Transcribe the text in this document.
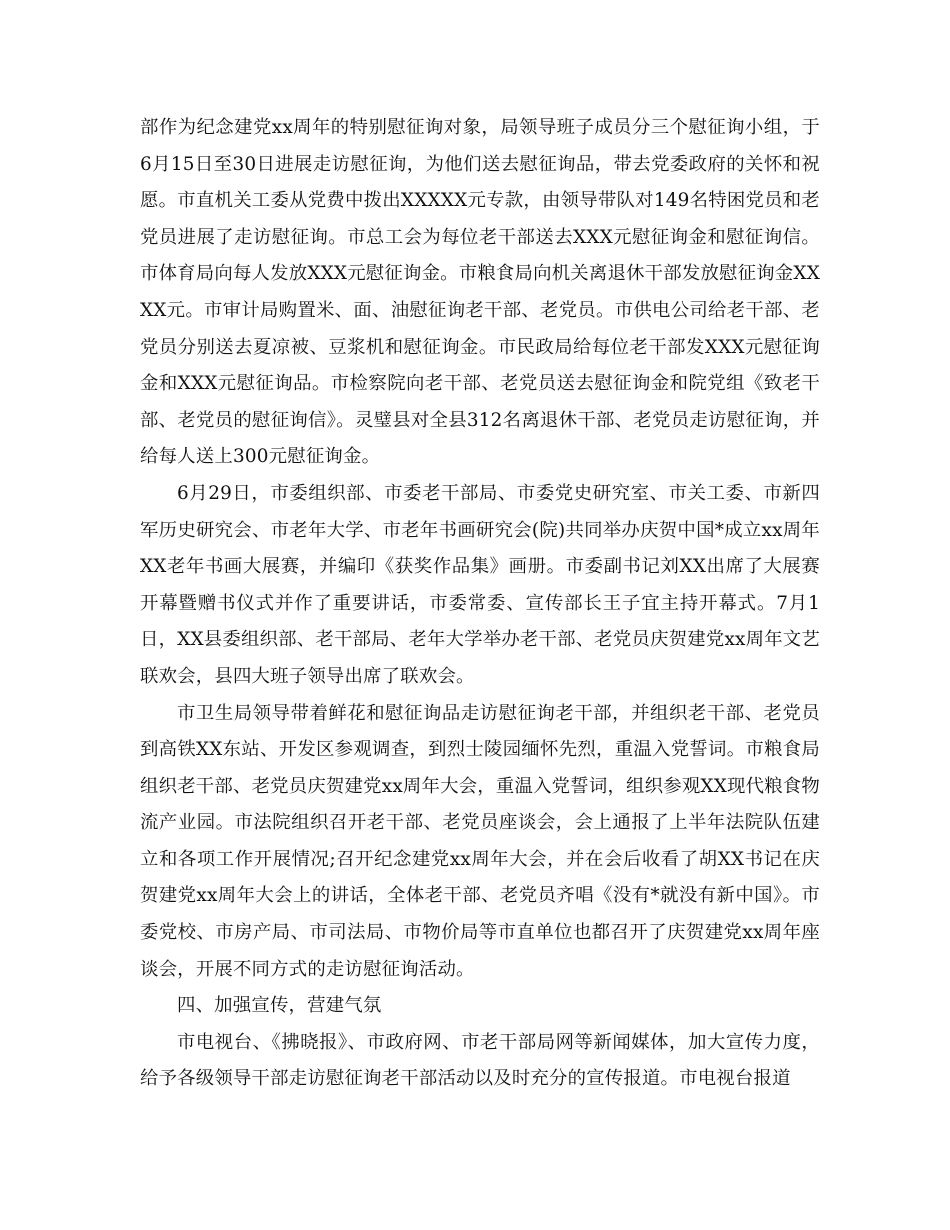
部作为纪念建党xx周年的特别慰征询对象，局领导班子成员分三个慰征询小组，于6月15日至30日进展走访慰征询，为他们送去慰征询品，带去党委政府的关怀和祝愿。市直机关工委从党费中拨出XXXXX元专款，由领导带队对149名特困党员和老党员进展了走访慰征询。市总工会为每位老干部送去XXX元慰征询金和慰征询信。市体育局向每人发放XXX元慰征询金。市粮食局向机关离退休干部发放慰征询金XXXX元。市审计局购置米、面、油慰征询老干部、老党员。市供电公司给老干部、老党员分别送去夏凉被、豆浆机和慰征询金。市民政局给每位老干部发XXX元慰征询金和XXX元慰征询品。市检察院向老干部、老党员送去慰征询金和院党组《致老干部、老党员的慰征询信》。灵璧县对全县312名离退休干部、老党员走访慰征询，并给每人送上300元慰征询金。

6月29日，市委组织部、市委老干部局、市委党史研究室、市关工委、市新四军历史研究会、市老年大学、市老年书画研究会(院)共同举办庆贺中国*成立xx周年XX老年书画大展赛，并编印《获奖作品集》画册。市委副书记刘XX出席了大展赛开幕暨赠书仪式并作了重要讲话，市委常委、宣传部长王子宜主持开幕式。7月1日，XX县委组织部、老干部局、老年大学举办老干部、老党员庆贺建党xx周年文艺联欢会，县四大班子领导出席了联欢会。

市卫生局领导带着鲜花和慰征询品走访慰征询老干部，并组织老干部、老党员到高铁XX东站、开发区参观调查，到烈士陵园缅怀先烈，重温入党誓词。市粮食局组织老干部、老党员庆贺建党xx周年大会，重温入党誓词，组织参观XX现代粮食物流产业园。市法院组织召开老干部、老党员座谈会，会上通报了上半年法院队伍建立和各项工作开展情况;召开纪念建党xx周年大会，并在会后收看了胡XX书记在庆贺建党xx周年大会上的讲话，全体老干部、老党员齐唱《没有*就没有新中国》。市委党校、市房产局、市司法局、市物价局等市直单位也都召开了庆贺建党xx周年座谈会，开展不同方式的走访慰征询活动。

四、加强宣传，营建气氛

市电视台、《拂晓报》、市政府网、市老干部局网等新闻媒体，加大宣传力度，给予各级领导干部走访慰征询老干部活动以及时充分的宣传报道。市电视台报道
